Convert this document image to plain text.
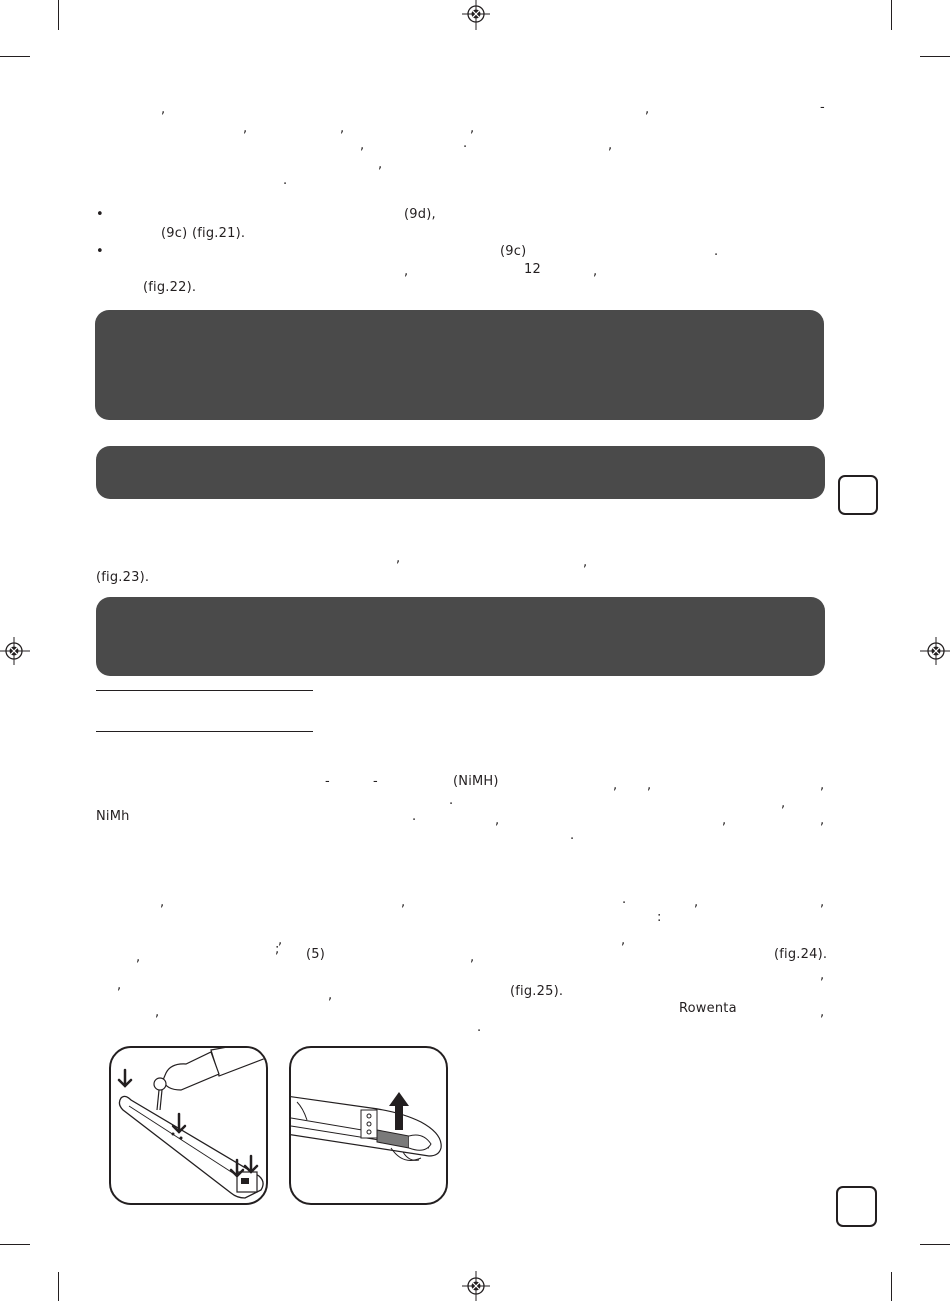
,	,	-
,	,	,
,	.	,
,
.
•	(9d),
(9c) (fig.21).
•	(9c)	.
,	12	,
(fig.22).
,	,
(fig.23).
-	-	(NiMH)	, ,	,
.	,
NiMh	.	,	,	,
.
,	,	.	,	,
:
,	,
;
,	(5)	,	(fig.24).
,
,
,	(fig.25).
,	Rowenta	,
.
